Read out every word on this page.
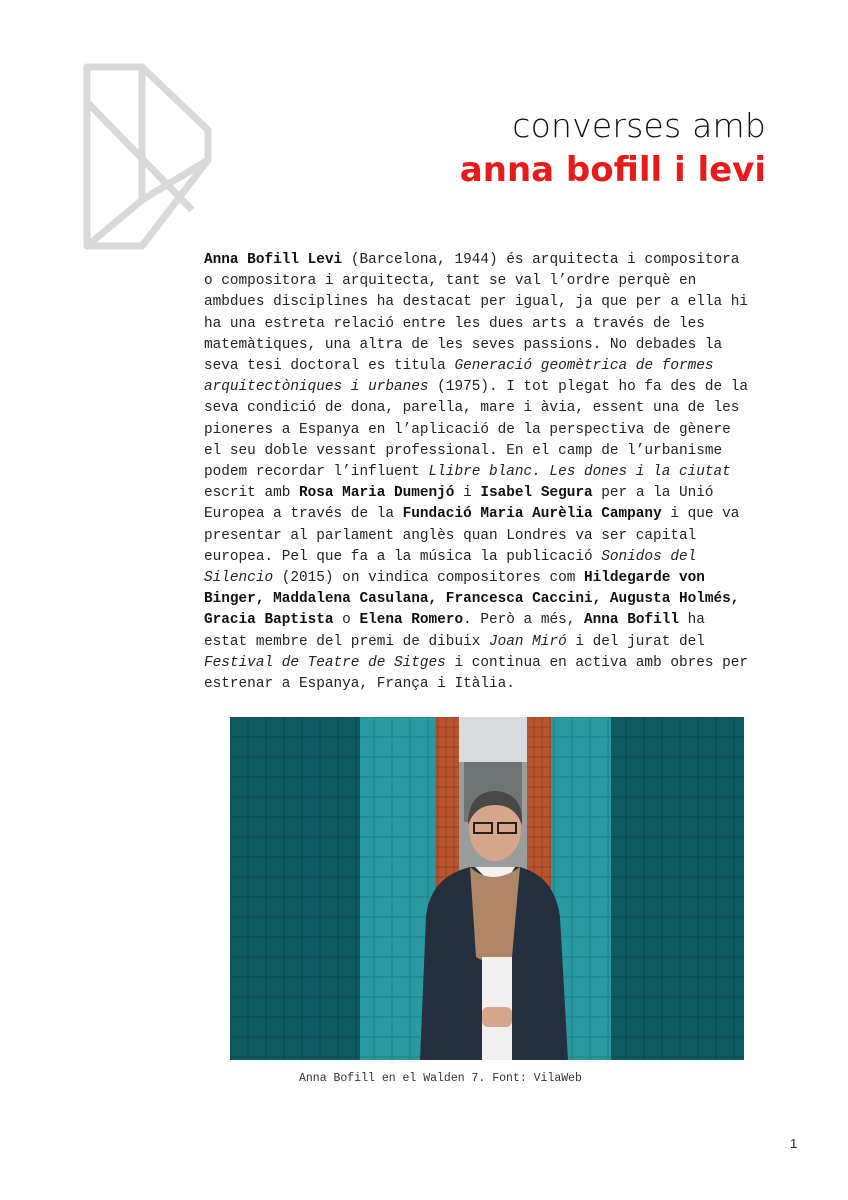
converses amb
anna bofill i levi
Anna Bofill Levi (Barcelona, 1944) és arquitecta i compositora
o compositora i arquitecta, tant se val l’ordre perquè en
ambdues disciplines ha destacat per igual, ja que per a ella hi
ha una estreta relació entre les dues arts a través de les
matemàtiques, una altra de les seves passions. No debades la
seva tesi doctoral es titula Generació geomètrica de formes
arquitectòniques i urbanes (1975). I tot plegat ho fa des de la
seva condició de dona, parella, mare i àvia, essent una de les
pioneres a Espanya en l’aplicació de la perspectiva de gènere
el seu doble vessant professional. En el camp de l’urbanisme
podem recordar l’influent Llibre blanc. Les dones i la ciutat
escrit amb Rosa Maria Dumenjó i Isabel Segura per a la Unió
Europea a través de la Fundació Maria Aurèlia Campany i que va
presentar al parlament anglès quan Londres va ser capital
europea. Pel que fa a la música la publicació Sonidos del
Silencio (2015) on vindica compositores com Hildegarde von
Binger, Maddalena Casulana, Francesca Caccini, Augusta Holmés,
Gracia Baptista o Elena Romero. Però a més, Anna Bofill ha
estat membre del premi de dibuix Joan Miró i del jurat del
Festival de Teatre de Sitges i continua en activa amb obres per
estrenar a Espanya, França i Itàlia.
Anna Bofill en el Walden 7. Font: VilaWeb
1
